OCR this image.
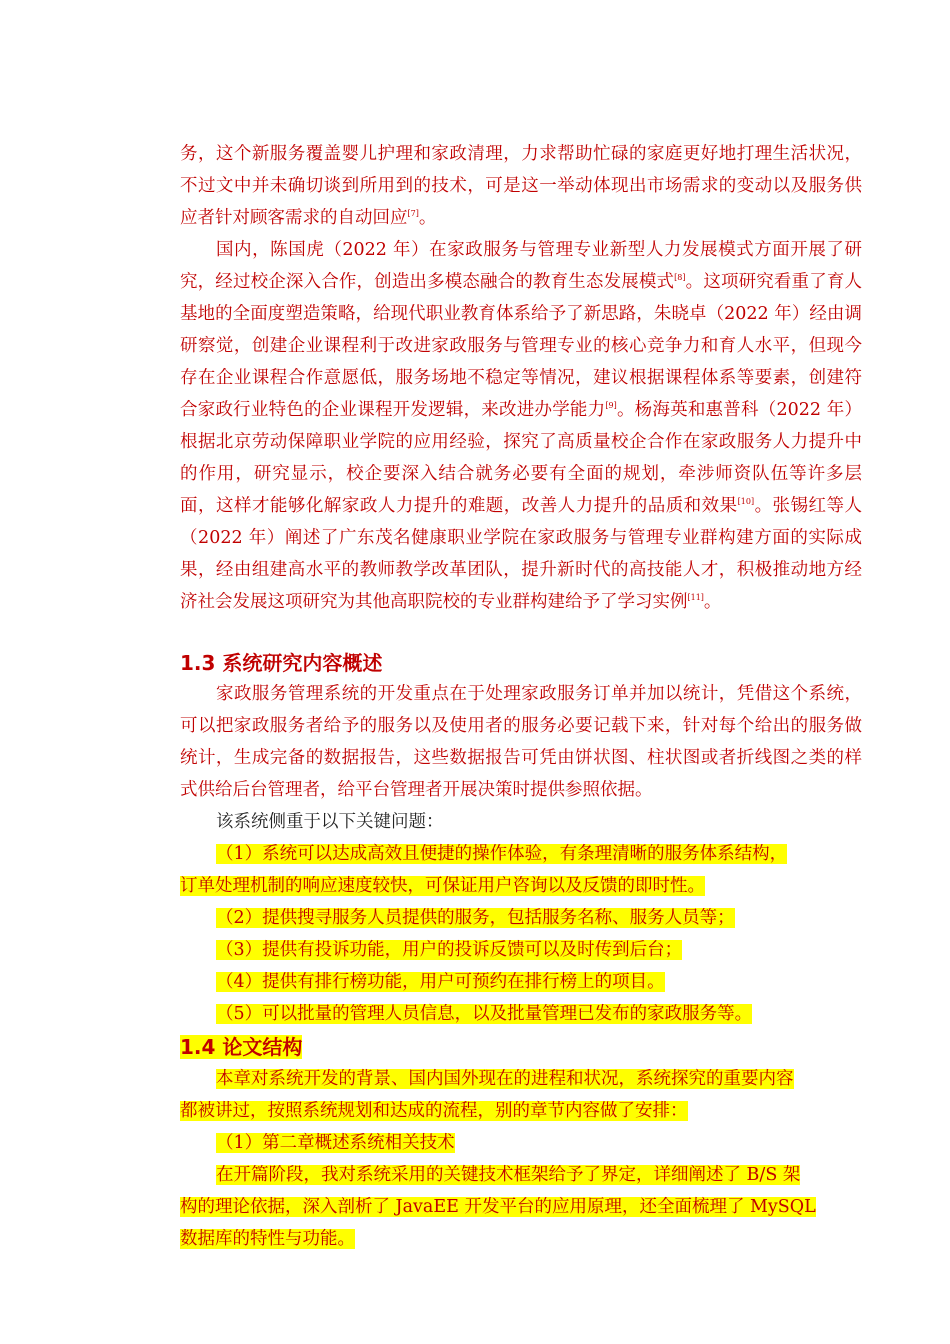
务，这个新服务覆盖婴儿护理和家政清理，力求帮助忙碌的家庭更好地打理生活状况，不过文中并未确切谈到所用到的技术，可是这一举动体现出市场需求的变动以及服务供应者针对顾客需求的自动回应[7]。

国内，陈国虎（2022 年）在家政服务与管理专业新型人力发展模式方面开展了研究，经过校企深入合作，创造出多模态融合的教育生态发展模式[8]。这项研究看重了育人基地的全面度塑造策略，给现代职业教育体系给予了新思路，朱晓卓（2022 年）经由调研察觉，创建企业课程利于改进家政服务与管理专业的核心竞争力和育人水平，但现今存在企业课程合作意愿低，服务场地不稳定等情况，建议根据课程体系等要素，创建符合家政行业特色的企业课程开发逻辑，来改进办学能力[9]。杨海英和惠普科（2022 年）根据北京劳动保障职业学院的应用经验，探究了高质量校企合作在家政服务人力提升中的作用，研究显示，校企要深入结合就务必要有全面的规划，牵涉师资队伍等许多层面，这样才能够化解家政人力提升的难题，改善人力提升的品质和效果[10]。张锡红等人（2022 年）阐述了广东茂名健康职业学院在家政服务与管理专业群构建方面的实际成果，经由组建高水平的教师教学改革团队，提升新时代的高技能人才，积极推动地方经济社会发展这项研究为其他高职院校的专业群构建给予了学习实例[11]。

1.3 系统研究内容概述

家政服务管理系统的开发重点在于处理家政服务订单并加以统计，凭借这个系统，可以把家政服务者给予的服务以及使用者的服务必要记载下来，针对每个给出的服务做统计，生成完备的数据报告，这些数据报告可凭由饼状图、柱状图或者折线图之类的样式供给后台管理者，给平台管理者开展决策时提供参照依据。

该系统侧重于以下关键问题：

（1）系统可以达成高效且便捷的操作体验，有条理清晰的服务体系结构，

订单处理机制的响应速度较快，可保证用户咨询以及反馈的即时性。

（2）提供搜寻服务人员提供的服务，包括服务名称、服务人员等；

（3）提供有投诉功能，用户的投诉反馈可以及时传到后台；

（4）提供有排行榜功能，用户可预约在排行榜上的项目。

（5）可以批量的管理人员信息，以及批量管理已发布的家政服务等。

1.4 论文结构

本章对系统开发的背景、国内国外现在的进程和状况，系统探究的重要内容

都被讲过，按照系统规划和达成的流程，别的章节内容做了安排：

（1）第二章概述系统相关技术

在开篇阶段，我对系统采用的关键技术框架给予了界定，详细阐述了 B/S 架

构的理论依据，深入剖析了 JavaEE 开发平台的应用原理，还全面梳理了 MySQL

数据库的特性与功能。
